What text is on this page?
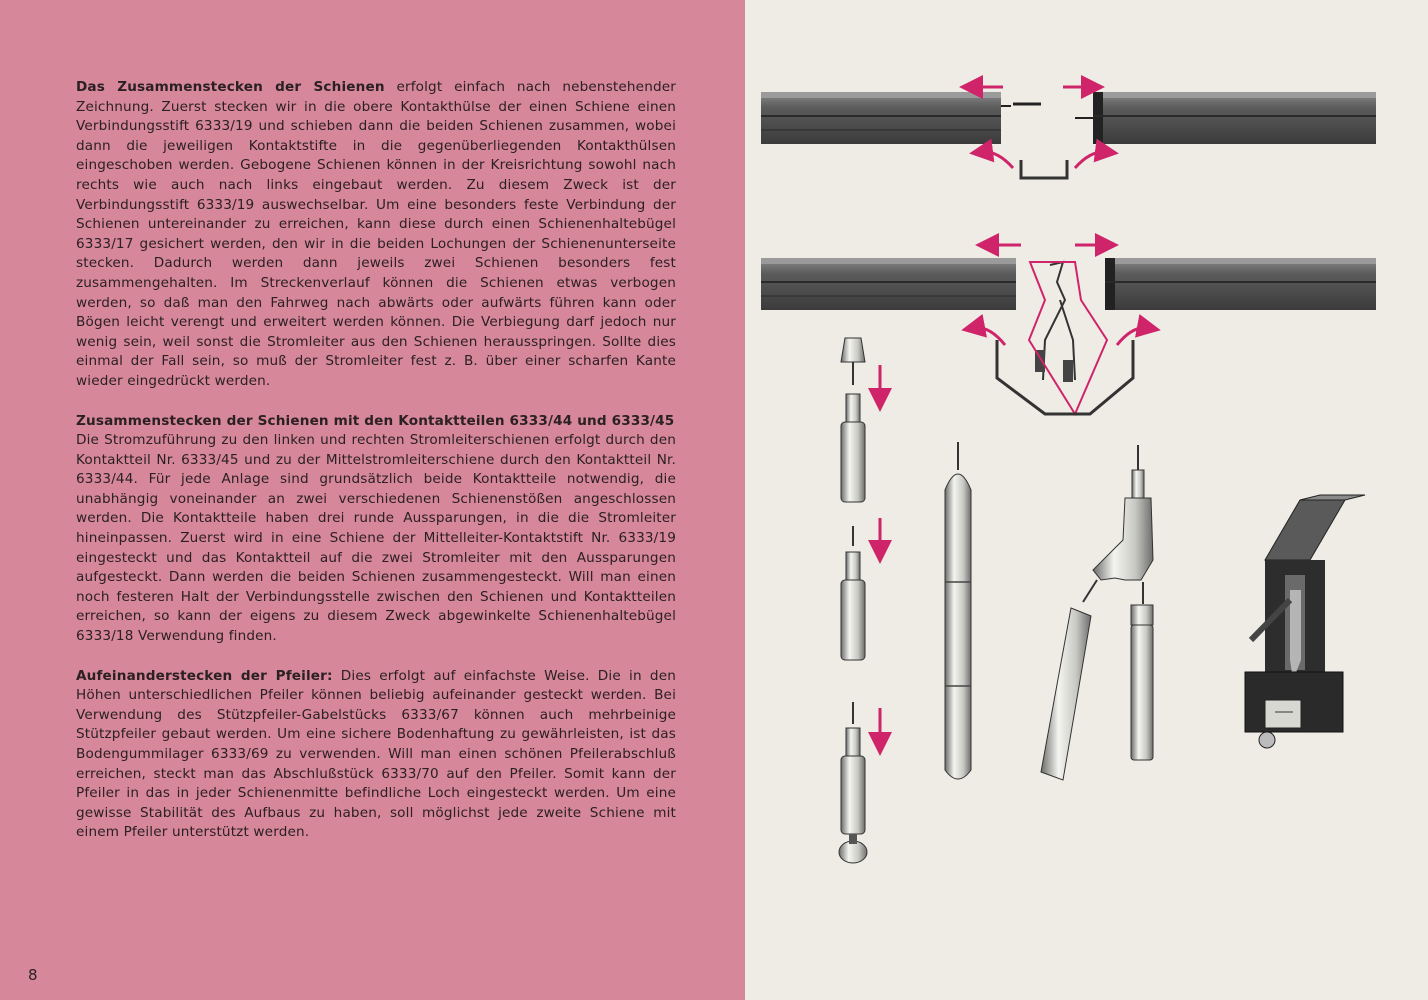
Das Zusammenstecken der Schienen erfolgt einfach nach nebenstehender Zeichnung. Zuerst stecken wir in die obere Kontakthülse der einen Schiene einen Verbindungsstift 6333/19 und schieben dann die beiden Schienen zusammen, wobei dann die jeweiligen Kontaktstifte in die gegenüberliegenden Kontakthülsen eingeschoben werden. Gebogene Schienen können in der Kreisrichtung sowohl nach rechts wie auch nach links eingebaut werden. Zu diesem Zweck ist der Verbindungsstift 6333/19 auswechselbar. Um eine besonders feste Verbindung der Schienen untereinander zu erreichen, kann diese durch einen Schienenhaltebügel 6333/17 gesichert werden, den wir in die beiden Lochungen der Schienenunterseite stecken. Dadurch werden dann jeweils zwei Schienen besonders fest zusammengehalten. Im Streckenverlauf können die Schienen etwas verbogen werden, so daß man den Fahrweg nach abwärts oder aufwärts führen kann oder Bögen leicht verengt und erweitert werden können. Die Verbiegung darf jedoch nur wenig sein, weil sonst die Stromleiter aus den Schienen herausspringen. Sollte dies einmal der Fall sein, so muß der Stromleiter fest z. B. über einer scharfen Kante wieder eingedrückt werden.

Zusammenstecken der Schienen mit den Kontaktteilen 6333/44 und 6333/45

Die Stromzuführung zu den linken und rechten Stromleiterschienen erfolgt durch den Kontaktteil Nr. 6333/45 und zu der Mittelstromleiterschiene durch den Kontaktteil Nr. 6333/44. Für jede Anlage sind grundsätzlich beide Kontaktteile notwendig, die unabhängig voneinander an zwei verschiedenen Schienenstößen angeschlossen werden. Die Kontaktteile haben drei runde Aussparungen, in die die Stromleiter hineinpassen. Zuerst wird in eine Schiene der Mittelleiter-Kontaktstift Nr. 6333/19 eingesteckt und das Kontaktteil auf die zwei Stromleiter mit den Aussparungen aufgesteckt. Dann werden die beiden Schienen zusammengesteckt. Will man einen noch festeren Halt der Verbindungsstelle zwischen den Schienen und Kontaktteilen erreichen, so kann der eigens zu diesem Zweck abgewinkelte Schienenhaltebügel 6333/18 Verwendung finden.

Aufeinanderstecken der Pfeiler: Dies erfolgt auf einfachste Weise. Die in den Höhen unterschiedlichen Pfeiler können beliebig aufeinander gesteckt werden. Bei Verwendung des Stützpfeiler-Gabelstücks 6333/67 können auch mehrbeinige Stützpfeiler gebaut werden. Um eine sichere Bodenhaftung zu gewährleisten, ist das Bodengummilager 6333/69 zu verwenden. Will man einen schönen Pfeilerabschluß erreichen, steckt man das Abschlußstück 6333/70 auf den Pfeiler. Somit kann der Pfeiler in das in jeder Schienenmitte befindliche Loch eingesteckt werden. Um eine gewisse Stabilität des Aufbaus zu haben, soll möglichst jede zweite Schiene mit einem Pfeiler unterstützt werden.

8
